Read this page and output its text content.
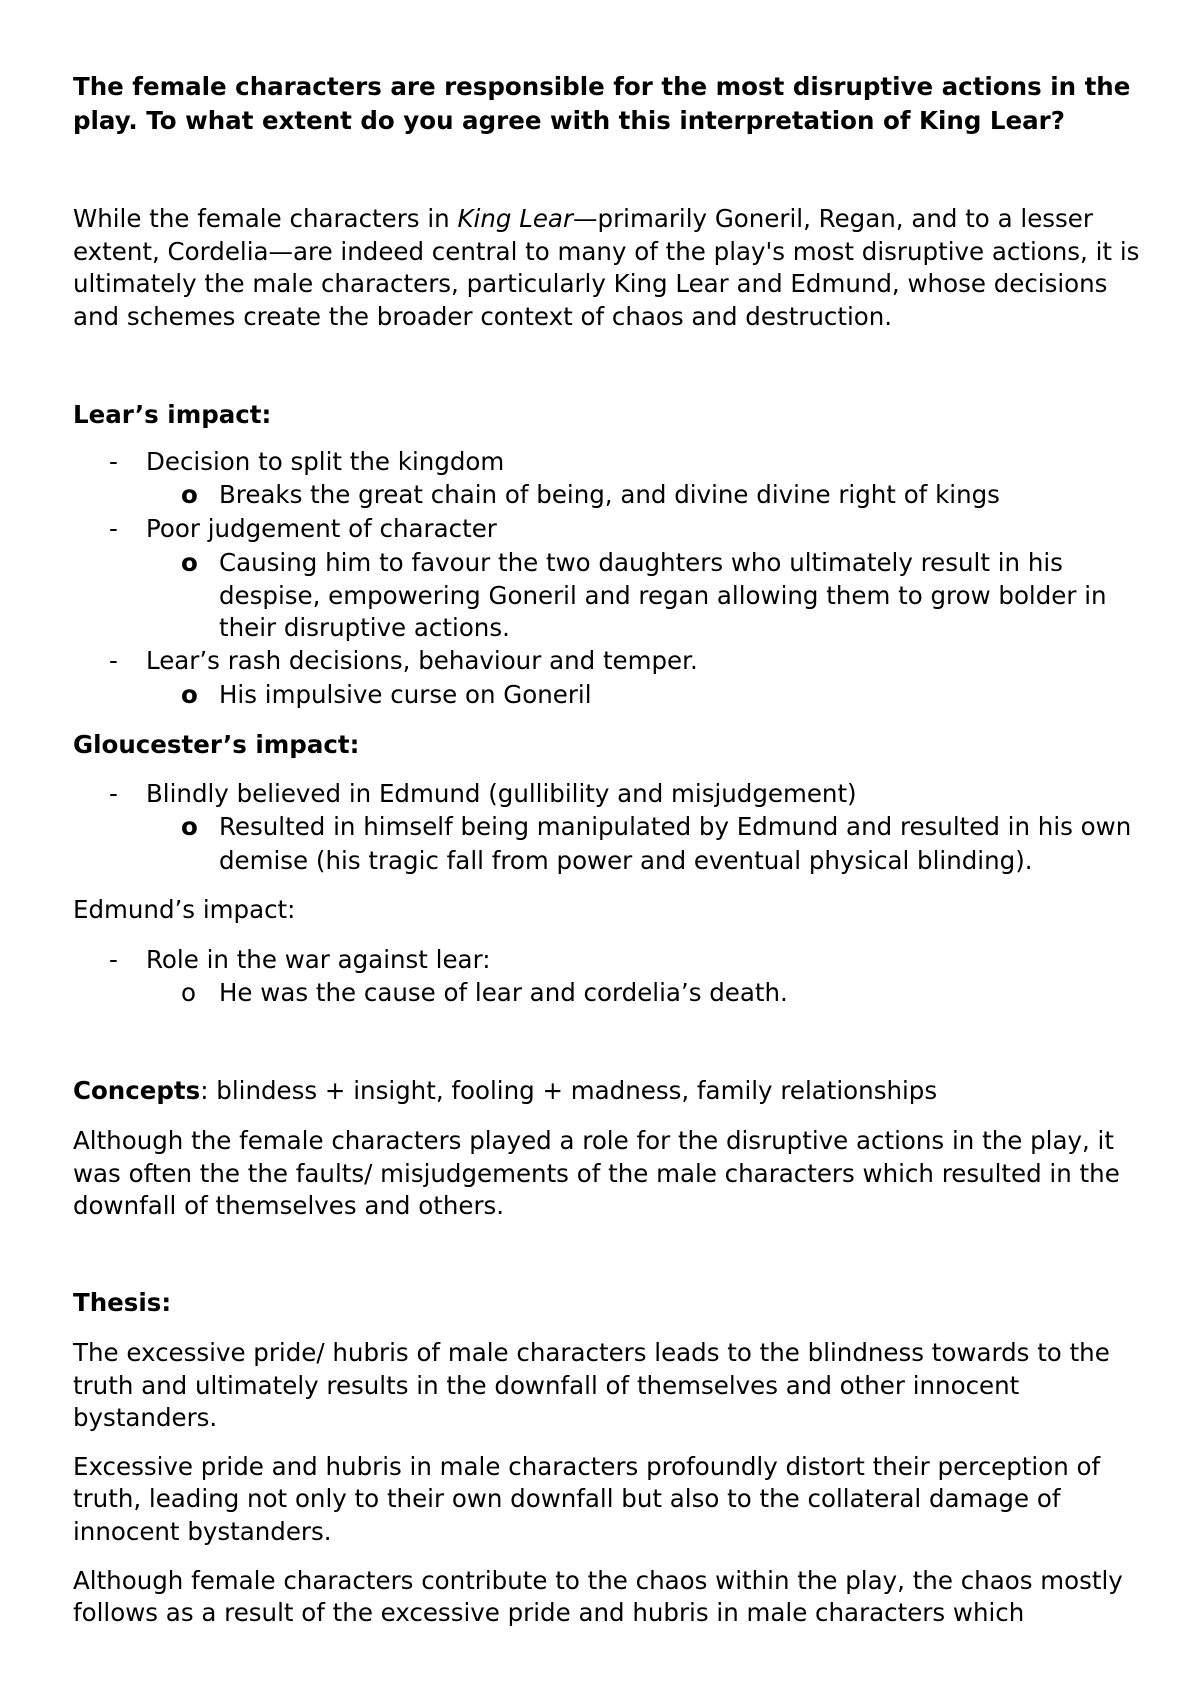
The female characters are responsible for the most disruptive actions in the

play. To what extent do you agree with this interpretation of King Lear?

While the female characters in King Lear—primarily Goneril, Regan, and to a lesser

extent, Cordelia—are indeed central to many of the play's most disruptive actions, it is

ultimately the male characters, particularly King Lear and Edmund, whose decisions

and schemes create the broader context of chaos and destruction.

Lear’s impact:

- Decision to split the kingdom
o Breaks the great chain of being, and divine divine right of kings
- Poor judgement of character
o Causing him to favour the two daughters who ultimately result in his
despise, empowering Goneril and regan allowing them to grow bolder in
their disruptive actions.
- Lear’s rash decisions, behaviour and temper.
o His impulsive curse on Goneril

Gloucester’s impact:

- Blindly believed in Edmund (gullibility and misjudgement)
o Resulted in himself being manipulated by Edmund and resulted in his own
demise (his tragic fall from power and eventual physical blinding).

Edmund’s impact:

- Role in the war against lear:
o He was the cause of lear and cordelia’s death.

Concepts: blindess + insight, fooling + madness, family relationships

Although the female characters played a role for the disruptive actions in the play, it

was often the the faults/ misjudgements of the male characters which resulted in the

downfall of themselves and others.

Thesis:

The excessive pride/ hubris of male characters leads to the blindness towards to the

truth and ultimately results in the downfall of themselves and other innocent

bystanders.

Excessive pride and hubris in male characters profoundly distort their perception of

truth, leading not only to their own downfall but also to the collateral damage of

innocent bystanders.

Although female characters contribute to the chaos within the play, the chaos mostly

follows as a result of the excessive pride and hubris in male characters which
